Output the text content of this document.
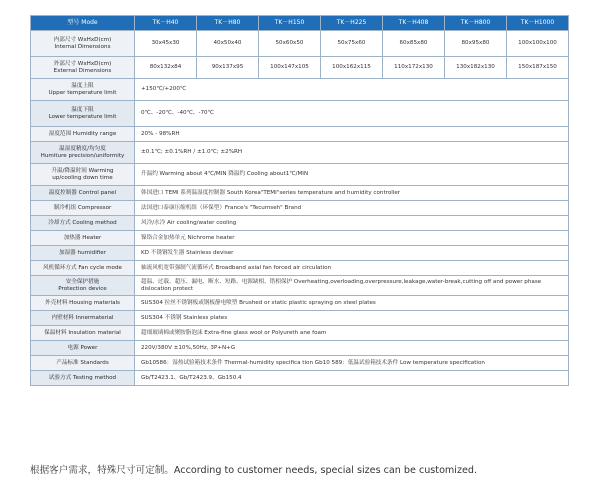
型号 Mode	TK－H40	TK－H80	TK－H150	TK－H225	TK－H408	TK－H800	TK－H1000

内部尺寸 WxHxD(cm)
Internal Dimensions	30x45x30	40x50x40	50x60x50	50x75x60	60x85x80	80x95x80	100x100x100

外部尺寸 WxHxD(cm)
External Dimensions	80x132x84	90x137x95	100x147x105	100x162x115	110x172x130	130x182x130	150x187x150

温度上限
Upper temperature limit	+150℃/+200℃						

温度下限
Lower temperature limit	0℃、-20℃、-40℃、-70℃						

湿度范围 Humidity range	20% - 98%RH						

温湿度精度/均匀度
Humiture precision/uniformity	±0.1℃; ±0.1%RH / ±1.0℃; ±2%RH						

升温/降温时间 Warming
up/cooling down time	升温约 Warming about 4℃/MIN 降温约 Cooling about1℃/MIN						

温度控制器 Control panel	韩国进口 TEMI 系列温湿度控制器 South Korea"TEMI"series temperature and humidity controller						

制冷机组 Compressor	法国进口泰康压缩机组（环保型）France's "Tecumseh" Brand						

冷却方式 Cooling method	风冷/水冷 Air cooling/water cooling						

加热器 Heater	镍铬合金加热单元 Nichrome heater						

加湿器 humidifier	KD 不锈钢发生器 Stainless deviser						

风机循环方式 Fan cycle mode	轴流风机宽带强制气流循环式 Broadband axial fan forced air circulation						

安全保护措施
Protection device	超温、过载、超压、漏电、断水、短路、电源缺相、错相保护 Overheating,overloading,overpressure,leakage,water-break,cutting off and power phase dislocation protect						

外壳材料 Housing materials	SUS304 拉丝不锈钢板或钢板静电喷塑 Brushed or static plastic spraying on steel plates						

内壁材料 Innermaterial	SUS304 不锈钢 Stainless plates						

保温材料 Insulation material	超细玻璃棉或聚胺脂泡沫 Extra-fine glass wool or Polyureth ane foam						

电源 Power	220V/380V ±10%,50Hz, 3P+N+G						

产品标准 Standards	Gb10586：湿热试验箱技术条件 Thermal-humidity specifica tion Gb10 589：低温试验箱技术条件 Low temperature specification						

试验方式 Testing method	Gb/T2423.1、Gb/T2423.9、Gb150.4						
根据客户需求，特殊尺寸可定制。According to customer needs, special sizes can be customized.
